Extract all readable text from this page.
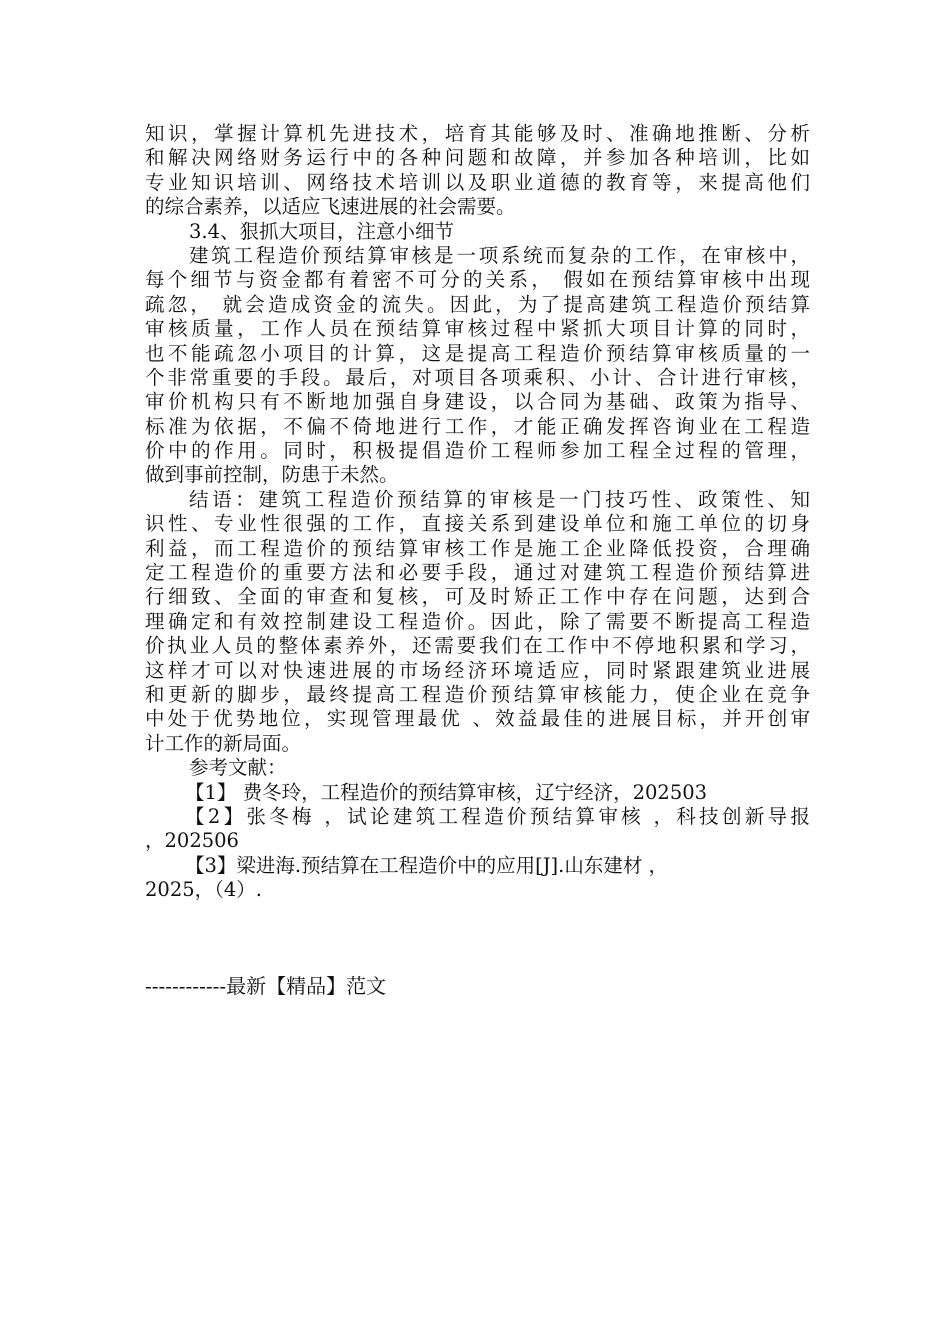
知识，掌握计算机先进技术，培育其能够及时、准确地推断、分析
和解决网络财务运行中的各种问题和故障，并参加各种培训，比如
专业知识培训、网络技术培训以及职业道德的教育等，来提高他们
的综合素养，以适应飞速进展的社会需要。
3.4、狠抓大项目，注意小细节
建筑工程造价预结算审核是一项系统而复杂的工作，在审核中，
每个细节与资金都有着密不可分的关系， 假如在预结算审核中出现
疏忽， 就会造成资金的流失。因此，为了提高建筑工程造价预结算
审核质量，工作人员在预结算审核过程中紧抓大项目计算的同时，
也不能疏忽小项目的计算，这是提高工程造价预结算审核质量的一
个非常重要的手段。最后，对项目各项乘积、小计、合计进行审核，
审价机构只有不断地加强自身建设，以合同为基础、政策为指导、
标准为依据，不偏不倚地进行工作，才能正确发挥咨询业在工程造
价中的作用。同时，积极提倡造价工程师参加工程全过程的管理，
做到事前控制，防患于未然。
结语：建筑工程造价预结算的审核是一门技巧性、政策性、知
识性、专业性很强的工作，直接关系到建设单位和施工单位的切身
利益，而工程造价的预结算审核工作是施工企业降低投资，合理确
定工程造价的重要方法和必要手段，通过对建筑工程造价预结算进
行细致、全面的审查和复核，可及时矫正工作中存在问题，达到合
理确定和有效控制建设工程造价。因此，除了需要不断提高工程造
价执业人员的整体素养外，还需要我们在工作中不停地积累和学习，
这样才可以对快速进展的市场经济环境适应，同时紧跟建筑业进展
和更新的脚步，最终提高工程造价预结算审核能力，使企业在竞争
中处于优势地位，实现管理最优 、效益最佳的进展目标，并开创审
计工作的新局面。
参考文献：
【1】 费冬玲，工程造价的预结算审核，辽宁经济，202503
【2】张冬梅 ，试论建筑工程造价预结算审核 ，科技创新导报
，202506
【3】梁进海.预结算在工程造价中的应用[J].山东建材 ，
2025，（4）.
------------最新【精品】范文
